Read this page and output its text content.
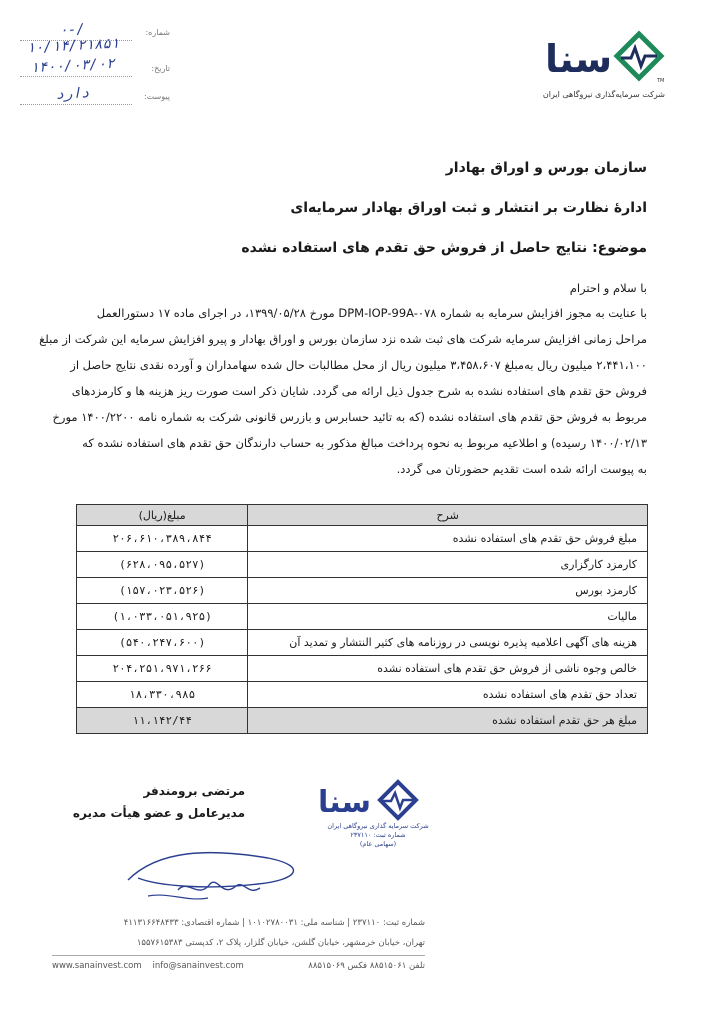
۰-/۱۰/۱۴/۲۱۸۵۱
شماره:
۱۴۰۰/۰۳/۰۲	تاریخ:
دارد	پیوست:
سنا	TM
شرکت سرمایه‌گذاری نیروگاهی ایران
سازمان بورس و اوراق بهادار
ادارهٔ نظارت بر انتشار و ثبت اوراق بهادار سرمایه‌ای
موضوع: نتایج حاصل از فروش حق تقدم های استفاده نشده
با سلام و احترام
با عنایت به مجوز افزایش سرمایه به شماره DPM-IOP-99A-۰۷۸ مورخ ۱۳۹۹/۰۵/۲۸، در اجرای ماده ۱۷ دستورالعمل
مراحل زمانی افزایش سرمایه شرکت های ثبت شده نزد سازمان بورس و اوراق بهادار و پیرو افزایش سرمایه این شرکت از مبلغ
۲،۴۴۱،۱۰۰ میلیون ریال به‌مبلغ ۳،۴۵۸،۶۰۷ میلیون ریال از محل مطالبات حال شده سهامداران و آورده نقدی نتایج حاصل از
فروش حق تقدم های استفاده نشده به شرح جدول ذیل ارائه می گردد. شایان ذکر است صورت ریز هزینه ها و کارمزدهای
مربوط به فروش حق تقدم های استفاده نشده (که به تائید حسابرس و بازرس قانونی شرکت به شماره نامه ۱۴۰۰/۲۲۰۰ مورخ
۱۴۰۰/۰۲/۱۳ رسیده) و اطلاعیه مربوط به نحوه پرداخت مبالغ مذکور به حساب دارندگان حق تقدم های استفاده نشده که
به پیوست ارائه شده است تقدیم حضورتان می گردد.
شرح	مبلغ(ریال)
مبلغ فروش حق تقدم های استفاده نشده	۲۰۶،۶۱۰،۳۸۹،۸۴۴
کارمزد کارگزاری	(۶۲۸،۰۹۵،۵۲۷)
کارمزد بورس	(۱۵۷،۰۲۳،۵۲۶)
مالیات	(۱،۰۳۳،۰۵۱،۹۲۵)
هزینه های آگهی اعلامیه پذیره نویسی در روزنامه های کثیر النتشار و تمدید آن	(۵۴۰،۲۴۷،۶۰۰)
خالص وجوه ناشی از فروش حق تقدم های استفاده نشده	۲۰۴،۲۵۱،۹۷۱،۲۶۶
تعداد حق تقدم های استفاده نشده	۱۸،۳۳۰،۹۸۵
مبلغ هر حق تقدم استفاده نشده	۱۱،۱۴۲/۴۴
مرتضی برومندفر
مدیرعامل و عضو هیأت مدیره سنا
شرکت سرمایه گذاری نیروگاهی ایران
شماره ثبت: ۲۳۷۱۱۰
(سهامی عام)
شماره ثبت: ۲۳۷۱۱۰ | شناسه ملی: ۱۰۱۰۲۷۸۰۰۳۱ | شماره اقتصادی: ۴۱۱۳۱۶۶۴۸۴۳۳
تهران، خیابان خرمشهر، خیابان گلشن، خیابان گلزار، پلاک ۲، کدپستی ۱۵۵۷۶۱۵۳۸۳
تلفن ۸۸۵۱۵۰۶۱ فکس ۸۸۵۱۵۰۶۹
www.sanainvest.com info@sanainvest.com
